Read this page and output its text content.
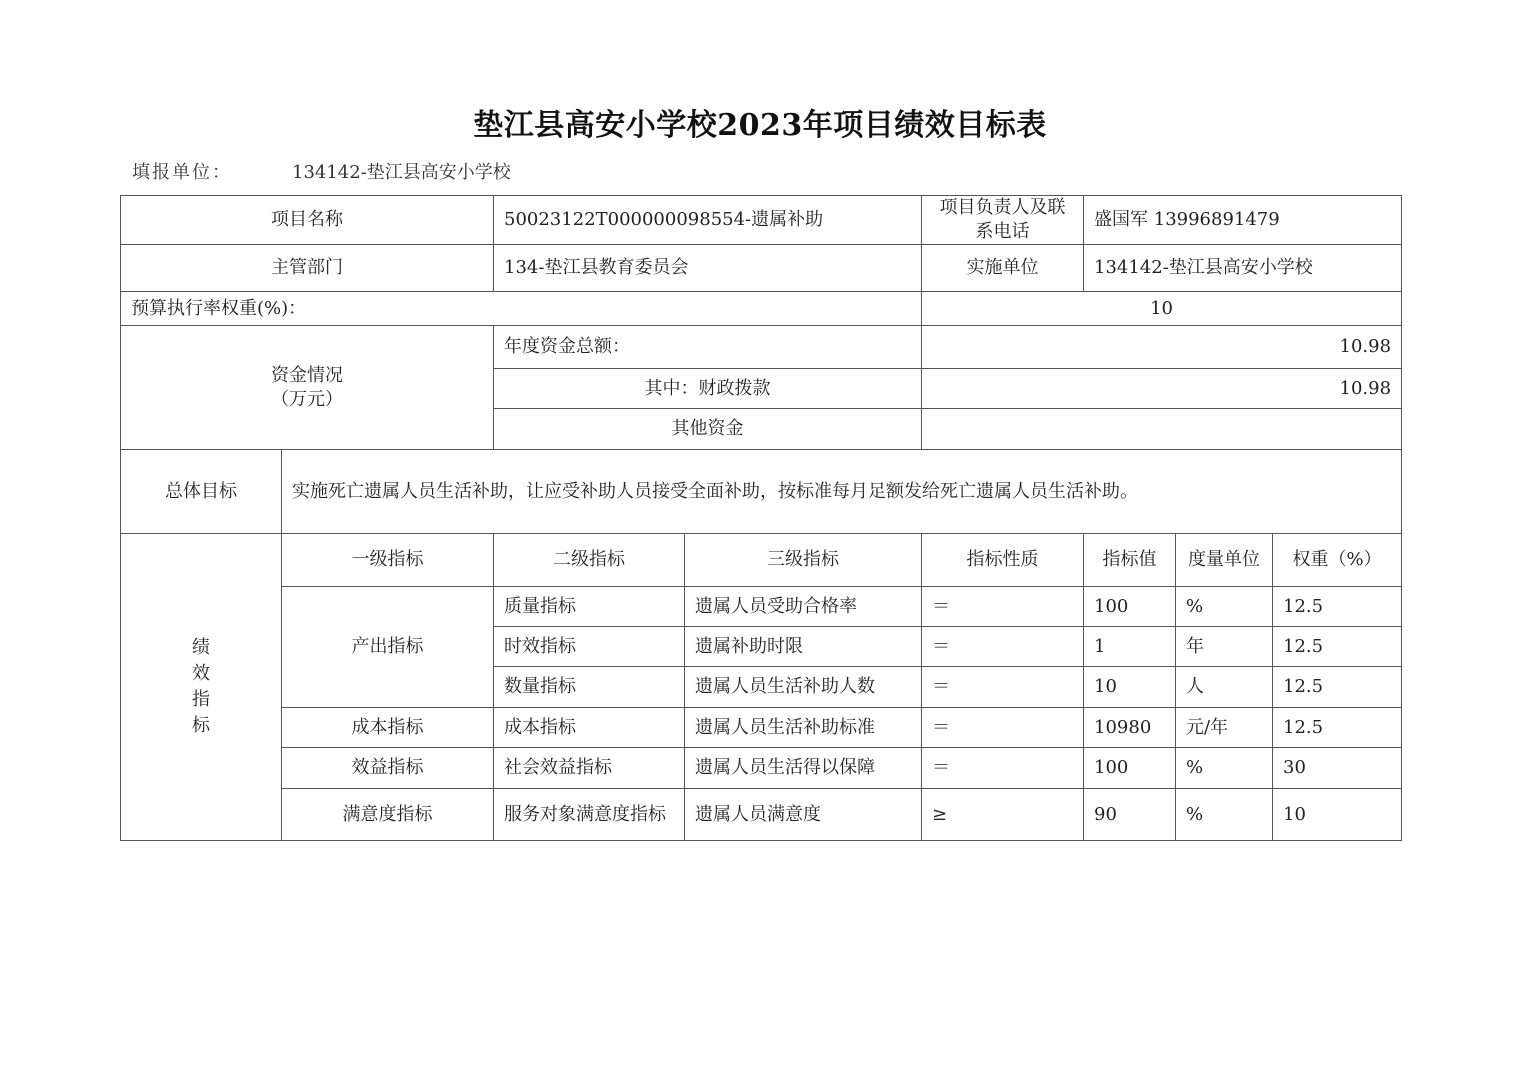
垫江县高安小学校2023年项目绩效目标表
填报单位：	134142-垫江县高安小学校
项目名称		50023122T000000098554-遗属补助		项目负责人及联系电话	盛国军 13996891479		
主管部门		134-垫江县教育委员会		实施单位	134142-垫江县高安小学校		
预算执行率权重(%)：				10			

资金情况
（万元）		年度资金总额：		10.98			
		其中：财政拨款		10.98			
		其他资金					
总体目标	实施死亡遗属人员生活补助，让应受补助人员接受全面补助，按标准每月足额发给死亡遗属人员生活补助。						

绩效指标	一级指标	二级指标	三级指标	指标性质	指标值	度量单位	权重（%）
	产出指标	质量指标	遗属人员受助合格率	＝	100	%	12.5
		时效指标	遗属补助时限	＝	1	年	12.5
		数量指标	遗属人员生活补助人数	＝	10	人	12.5
	成本指标	成本指标	遗属人员生活补助标准	＝	10980	元/年	12.5
	效益指标	社会效益指标	遗属人员生活得以保障	＝	100	%	30
	满意度指标	服务对象满意度指标	遗属人员满意度	≥	90	%	10
